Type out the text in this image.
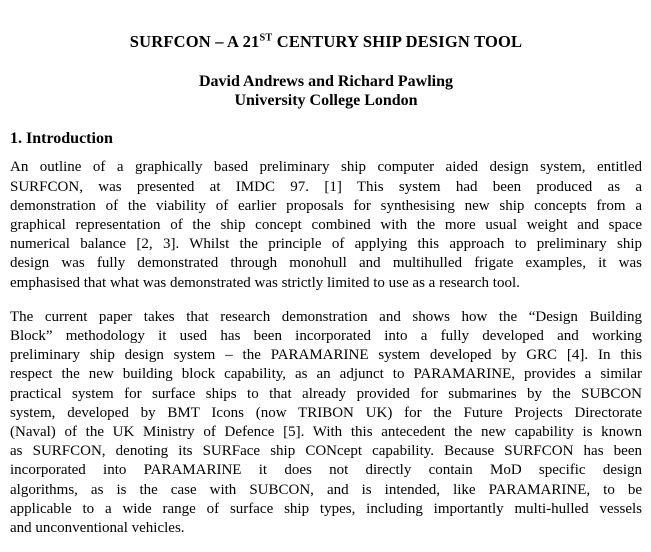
SURFCON – A 21ST CENTURY SHIP DESIGN TOOL
David Andrews and Richard Pawling
University College London
1. Introduction
An outline of a graphically based preliminary ship computer aided design system, entitled
SURFCON, was presented at IMDC 97. [1] This system had been produced as a
demonstration of the viability of earlier proposals for synthesising new ship concepts from a
graphical representation of the ship concept combined with the more usual weight and space
numerical balance [2, 3]. Whilst the principle of applying this approach to preliminary ship
design was fully demonstrated through monohull and multihulled frigate examples, it was
emphasised that what was demonstrated was strictly limited to use as a research tool.
The current paper takes that research demonstration and shows how the “Design Building
Block” methodology it used has been incorporated into a fully developed and working
preliminary ship design system – the PARAMARINE system developed by GRC [4]. In this
respect the new building block capability, as an adjunct to PARAMARINE, provides a similar
practical system for surface ships to that already provided for submarines by the SUBCON
system, developed by BMT Icons (now TRIBON UK) for the Future Projects Directorate
(Naval) of the UK Ministry of Defence [5]. With this antecedent the new capability is known
as SURFCON, denoting its SURFace ship CONcept capability. Because SURFCON has been
incorporated into PARAMARINE it does not directly contain MoD specific design
algorithms, as is the case with SUBCON, and is intended, like PARAMARINE, to be
applicable to a wide range of surface ship types, including importantly multi-hulled vessels
and unconventional vehicles.
